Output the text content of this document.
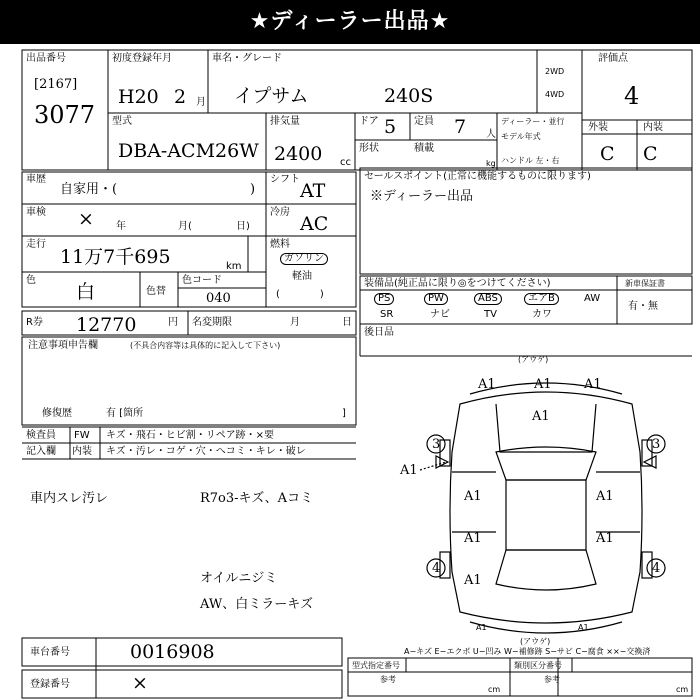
★ディーラー出品★
出品番号
[2167]
3077
初度登録年月
H20 2 月
車名・グレード
イプサム	240S
2WD
4WD
評価点
4
型式
DBA-ACM26W
排気量
2400 cc
ドア 5 定員 7 人
形状	積載
kg
ディーラー・並行
モデル年式
ハンドル 左・右
外装	内装
C C
車歴
自家用・(	)
車検 × 年	月(	日)
走行
11万7千695	km
色
白	色替
色コード
040
シフト
AT
冷房
AC
燃料
ガソリン
軽油
(　　　　)
R券 12770	円 名変期限	月	日
注意事項申告欄	(不具合内容等は具体的に記入して下さい)
修復歴	有 [箇所	]
セールスポイント(正常に機能するものに限ります)
※ディーラー出品
装備品(純正品に限り◎をつけてください)	新車保証書
有・無
PS	PW	ABS	エアB	AW
SR	ナビ	TV	カワ
後日品
検査員
記入欄
FW キズ・飛石・ヒビ割・リペア跡・×要
内装 キズ・汚レ・コゲ・穴・へコミ・キレ・破レ
車内スレ汚レ	R7o3-キズ、Aコミ
オイルニジミ
AW、白ミラーキズ
(アウゲ)
(アウゲ)
A1	A1 A1
A1
3	3
A1
A1	A1
A1	A1
A1
4	4
A1	A1
A−キズ E−エクボ U−凹み W−補修跡 S−サビ C−腐食 ××−交換済
車台番号	0016908
登録番号	×
型式指定番号
参考
cm
類別区分番号
参考
cm
